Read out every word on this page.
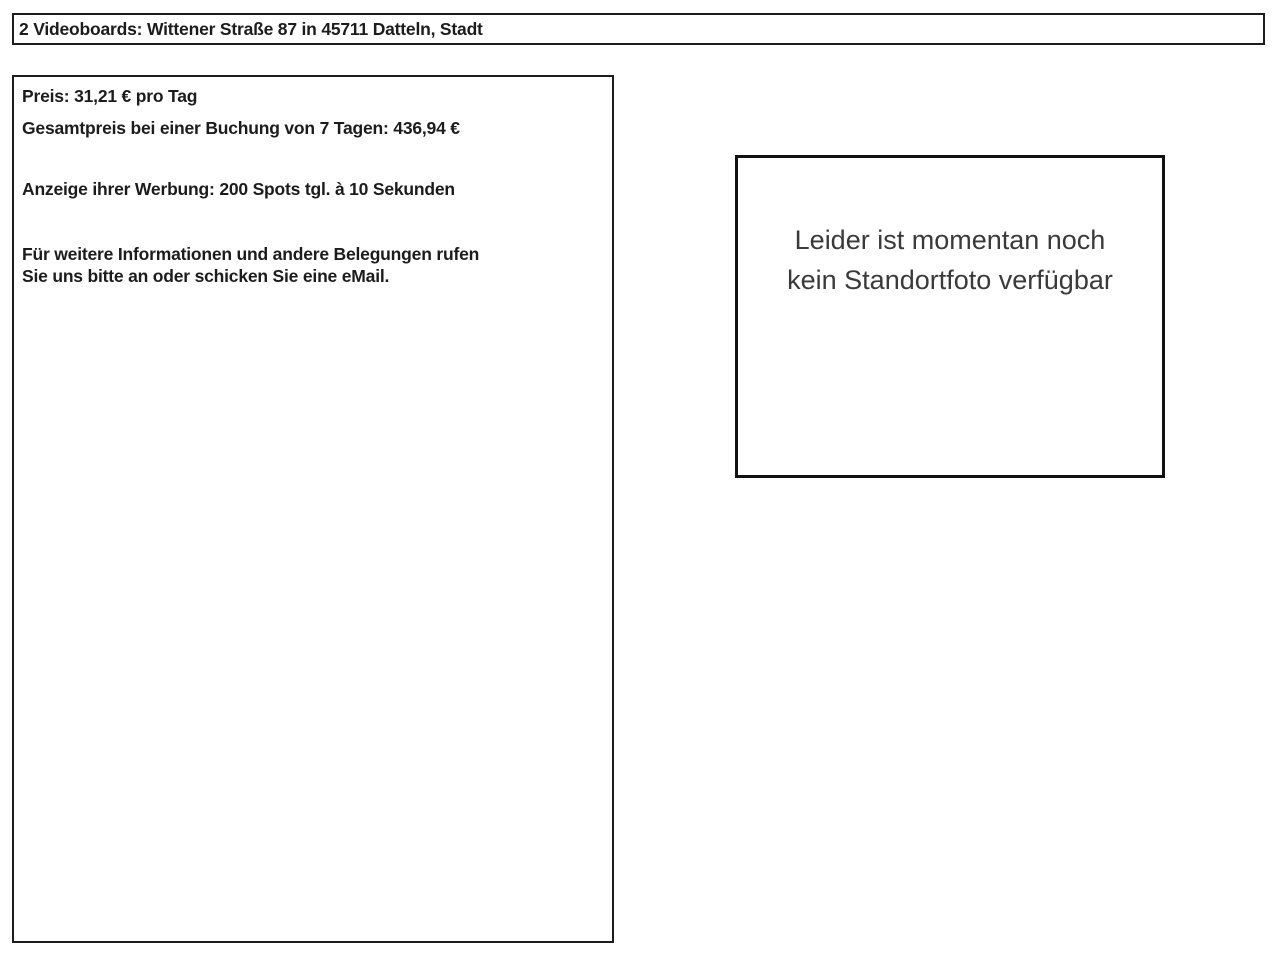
2 Videoboards: Wittener Straße 87 in 45711 Datteln, Stadt
Preis: 31,21 € pro Tag
Gesamtpreis bei einer Buchung von 7 Tagen: 436,94 €
Anzeige ihrer Werbung: 200 Spots tgl. à 10 Sekunden
Für weitere Informationen und andere Belegungen rufen
Sie uns bitte an oder schicken Sie eine eMail.
Leider ist momentan noch kein Standortfoto verfügbar
